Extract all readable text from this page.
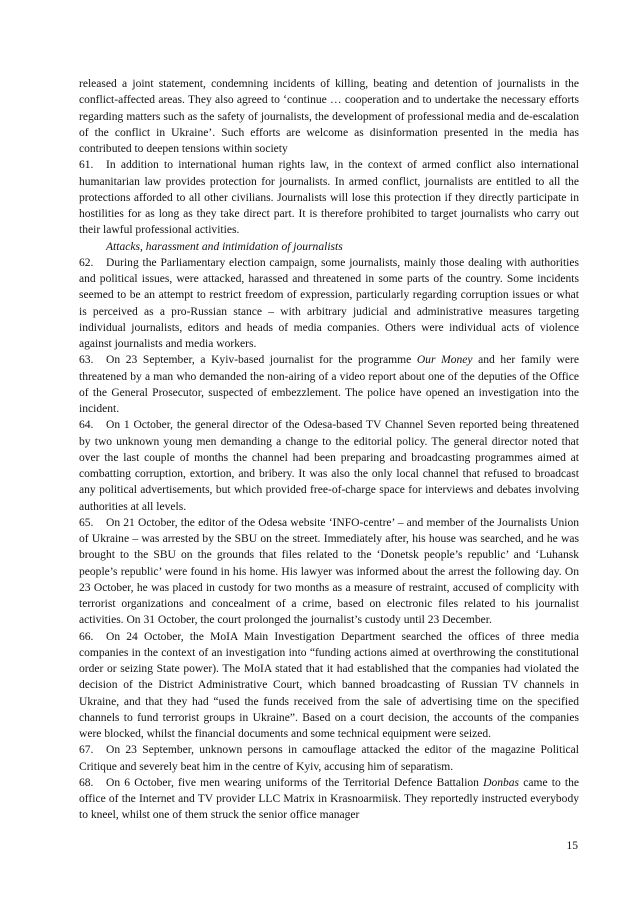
released a joint statement, condemning incidents of killing, beating and detention of journalists in the conflict-affected areas. They also agreed to ‘continue … cooperation and to undertake the necessary efforts regarding matters such as the safety of journalists, the development of professional media and de-escalation of the conflict in Ukraine’. Such efforts are welcome as disinformation presented in the media has contributed to deepen tensions within society

61. In addition to international human rights law, in the context of armed conflict also international humanitarian law provides protection for journalists. In armed conflict, journalists are entitled to all the protections afforded to all other civilians. Journalists will lose this protection if they directly participate in hostilities for as long as they take direct part. It is therefore prohibited to target journalists who carry out their lawful professional activities.

Attacks, harassment and intimidation of journalists

62. During the Parliamentary election campaign, some journalists, mainly those dealing with authorities and political issues, were attacked, harassed and threatened in some parts of the country. Some incidents seemed to be an attempt to restrict freedom of expression, particularly regarding corruption issues or what is perceived as a pro-Russian stance – with arbitrary judicial and administrative measures targeting individual journalists, editors and heads of media companies. Others were individual acts of violence against journalists and media workers.

63. On 23 September, a Kyiv-based journalist for the programme Our Money and her family were threatened by a man who demanded the non-airing of a video report about one of the deputies of the Office of the General Prosecutor, suspected of embezzlement. The police have opened an investigation into the incident.

64. On 1 October, the general director of the Odesa-based TV Channel Seven reported being threatened by two unknown young men demanding a change to the editorial policy. The general director noted that over the last couple of months the channel had been preparing and broadcasting programmes aimed at combatting corruption, extortion, and bribery. It was also the only local channel that refused to broadcast any political advertisements, but which provided free-of-charge space for interviews and debates involving authorities at all levels.

65. On 21 October, the editor of the Odesa website ‘INFO-centre’ – and member of the Journalists Union of Ukraine – was arrested by the SBU on the street. Immediately after, his house was searched, and he was brought to the SBU on the grounds that files related to the ‘Donetsk people’s republic’ and ‘Luhansk people’s republic’ were found in his home. His lawyer was informed about the arrest the following day. On 23 October, he was placed in custody for two months as a measure of restraint, accused of complicity with terrorist organizations and concealment of a crime, based on electronic files related to his journalist activities. On 31 October, the court prolonged the journalist’s custody until 23 December.

66. On 24 October, the MoIA Main Investigation Department searched the offices of three media companies in the context of an investigation into “funding actions aimed at overthrowing the constitutional order or seizing State power). The MoIA stated that it had established that the companies had violated the decision of the District Administrative Court, which banned broadcasting of Russian TV channels in Ukraine, and that they had “used the funds received from the sale of advertising time on the specified channels to fund terrorist groups in Ukraine”. Based on a court decision, the accounts of the companies were blocked, whilst the financial documents and some technical equipment were seized.

67. On 23 September, unknown persons in camouflage attacked the editor of the magazine Political Critique and severely beat him in the centre of Kyiv, accusing him of separatism.

68. On 6 October, five men wearing uniforms of the Territorial Defence Battalion Donbas came to the office of the Internet and TV provider LLC Matrix in Krasnoarmiisk. They reportedly instructed everybody to kneel, whilst one of them struck the senior office manager

15
